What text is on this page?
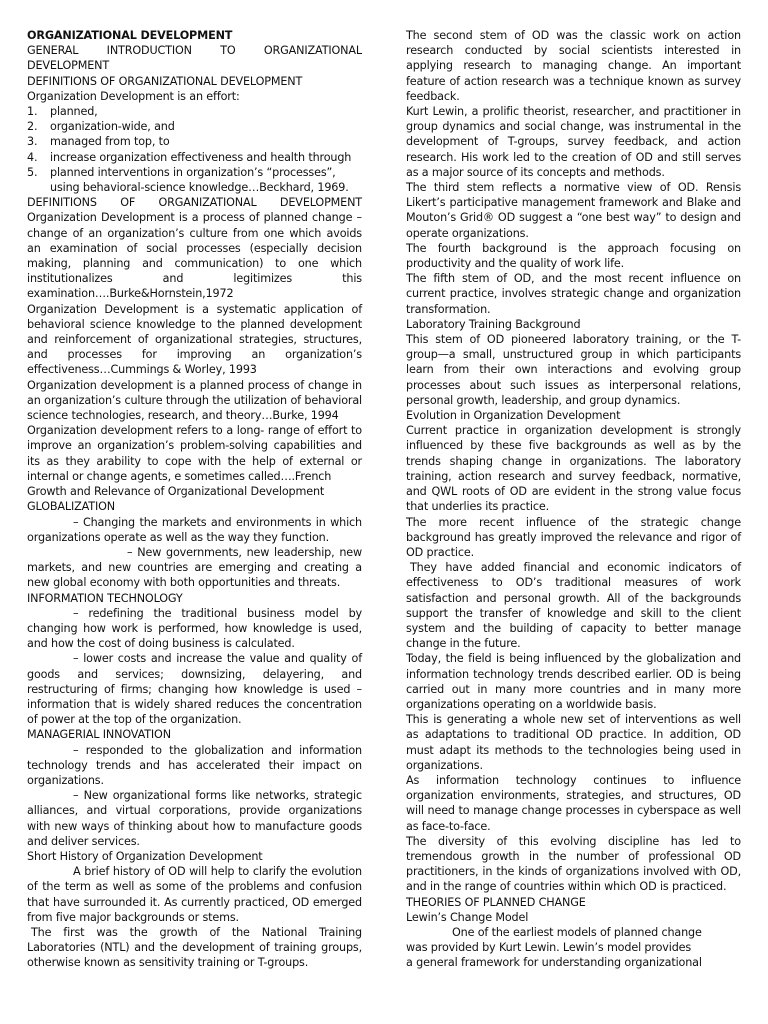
ORGANIZATIONAL DEVELOPMENT

GENERAL INTRODUCTION TO ORGANIZATIONAL DEVELOPMENT

DEFINITIONS OF ORGANIZATIONAL DEVELOPMENT

Organization Development is an effort:

1. planned,
2. organization-wide, and
3. managed from top, to
4. increase organization effectiveness and health through
5. planned interventions in organization’s “processes”, using behavioral-science knowledge…Beckhard, 1969.

DEFINITIONS OF ORGANIZATIONAL DEVELOPMENT

Organization Development is a process of planned change – change of an organization’s culture from one which avoids an examination of social processes (especially decision making, planning and communication) to one which institutionalizes and legitimizes this examination….Burke&Hornstein,1972

Organization Development is a systematic application of behavioral science knowledge to the planned development and reinforcement of organizational strategies, structures, and processes for improving an organization’s effectiveness…Cummings & Worley, 1993

Organization development is a planned process of change in an organization’s culture through the utilization of behavioral science technologies, research, and theory…Burke, 1994

Organization development refers to a long- range of effort to improve an organization’s problem-solving capabilities and its as they arability to cope with the help of external or internal or change agents, e sometimes called….French

Growth and Relevance of Organizational Development

GLOBALIZATION

– Changing the markets and environments in which organizations operate as well as the way they function.

– New governments, new leadership, new markets, and new countries are emerging and creating a new global economy with both opportunities and threats.

INFORMATION TECHNOLOGY

– redefining the traditional business model by changing how work is performed, how knowledge is used, and how the cost of doing business is calculated.

– lower costs and increase the value and quality of goods and services; downsizing, delayering, and restructuring of firms; changing how knowledge is used – information that is widely shared reduces the concentration of power at the top of the organization.

MANAGERIAL INNOVATION

– responded to the globalization and information technology trends and has accelerated their impact on organizations.

– New organizational forms like networks, strategic alliances, and virtual corporations, provide organizations with new ways of thinking about how to manufacture goods and deliver services.

Short History of Organization Development

A brief history of OD will help to clarify the evolution of the term as well as some of the problems and confusion that have surrounded it. As currently practiced, OD emerged from five major backgrounds or stems.

The first was the growth of the National Training Laboratories (NTL) and the development of training groups, otherwise known as sensitivity training or T-groups.

The second stem of OD was the classic work on action research conducted by social scientists interested in applying research to managing change. An important feature of action research was a technique known as survey feedback.

Kurt Lewin, a prolific theorist, researcher, and practitioner in group dynamics and social change, was instrumental in the development of T-groups, survey feedback, and action research. His work led to the creation of OD and still serves as a major source of its concepts and methods.

The third stem reflects a normative view of OD. Rensis Likert’s participative management framework and Blake and Mouton’s Grid® OD suggest a “one best way” to design and operate organizations.

The fourth background is the approach focusing on productivity and the quality of work life.

The fifth stem of OD, and the most recent influence on current practice, involves strategic change and organization transformation.

Laboratory Training Background

This stem of OD pioneered laboratory training, or the T-group—a small, unstructured group in which participants learn from their own interactions and evolving group processes about such issues as interpersonal relations, personal growth, leadership, and group dynamics.

Evolution in Organization Development

Current practice in organization development is strongly influenced by these five backgrounds as well as by the trends shaping change in organizations. The laboratory training, action research and survey feedback, normative, and QWL roots of OD are evident in the strong value focus that underlies its practice.

The more recent influence of the strategic change background has greatly improved the relevance and rigor of OD practice.

They have added financial and economic indicators of effectiveness to OD’s traditional measures of work satisfaction and personal growth. All of the backgrounds support the transfer of knowledge and skill to the client system and the building of capacity to better manage change in the future.

Today, the field is being influenced by the globalization and information technology trends described earlier. OD is being carried out in many more countries and in many more organizations operating on a worldwide basis.

This is generating a whole new set of interventions as well as adaptations to traditional OD practice. In addition, OD must adapt its methods to the technologies being used in organizations.

As information technology continues to influence organization environments, strategies, and structures, OD will need to manage change processes in cyberspace as well as face-to-face.

The diversity of this evolving discipline has led to tremendous growth in the number of professional OD practitioners, in the kinds of organizations involved with OD, and in the range of countries within which OD is practiced.

THEORIES OF PLANNED CHANGE

Lewin’s Change Model

One of the earliest models of planned change

was provided by Kurt Lewin. Lewin’s model provides

a general framework for understanding organizational
